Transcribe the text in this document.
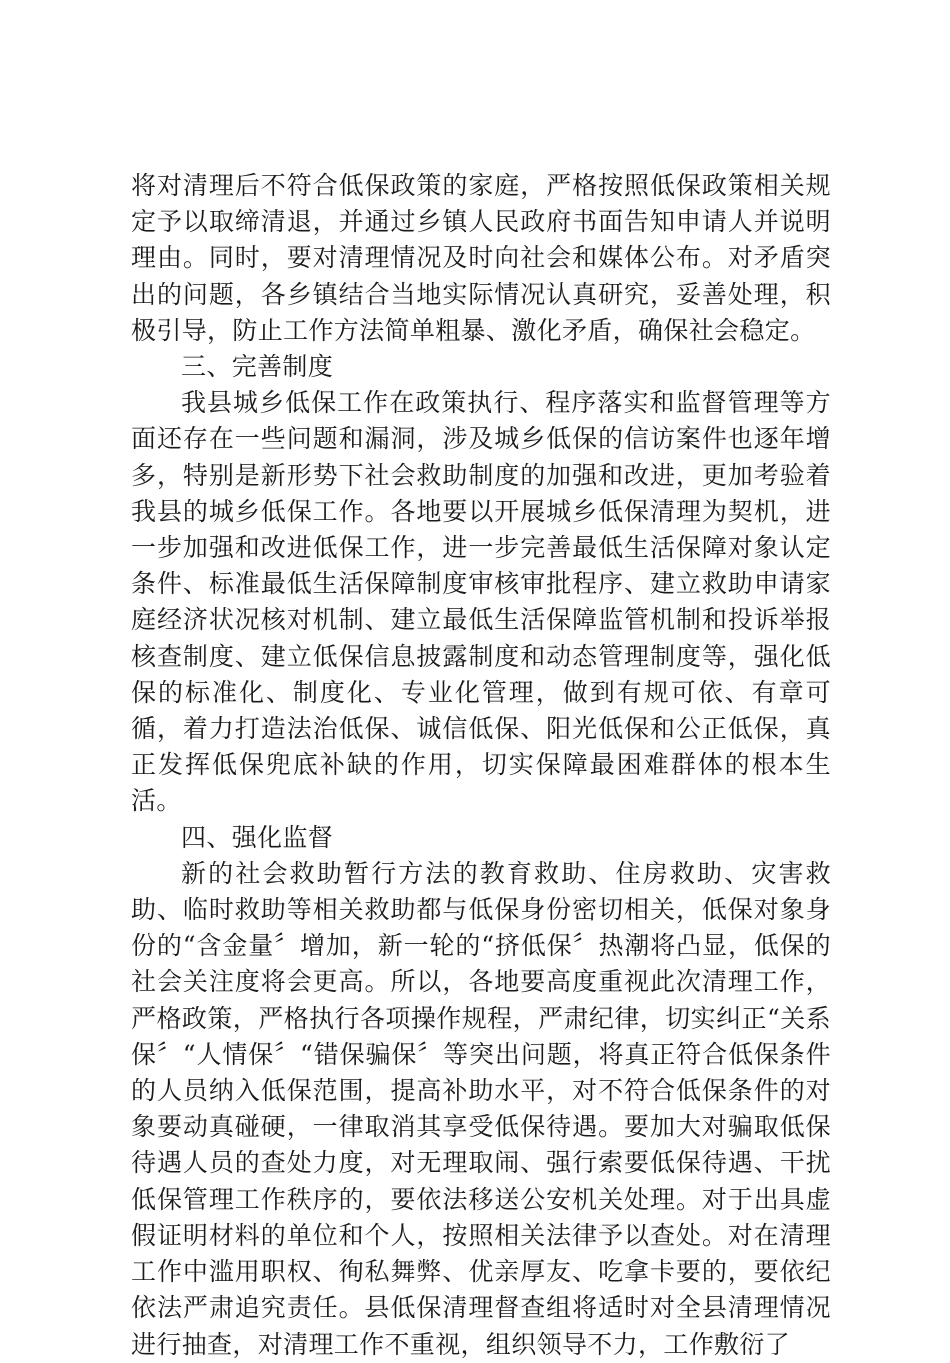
将对清理后不符合低保政策的家庭，严格按照低保政策相关规定予以取缔清退，并通过乡镇人民政府书面告知申请人并说明理由。同时，要对清理情况及时向社会和媒体公布。对矛盾突出的问题，各乡镇结合当地实际情况认真研究，妥善处理，积极引导，防止工作方法简单粗暴、激化矛盾，确保社会稳定。

三、完善制度

我县城乡低保工作在政策执行、程序落实和监督管理等方面还存在一些问题和漏洞，涉及城乡低保的信访案件也逐年增多，特别是新形势下社会救助制度的加强和改进，更加考验着我县的城乡低保工作。各地要以开展城乡低保清理为契机，进一步加强和改进低保工作，进一步完善最低生活保障对象认定条件、标准最低生活保障制度审核审批程序、建立救助申请家庭经济状况核对机制、建立最低生活保障监管机制和投诉举报核查制度、建立低保信息披露制度和动态管理制度等，强化低保的标准化、制度化、专业化管理，做到有规可依、有章可循，着力打造法治低保、诚信低保、阳光低保和公正低保，真正发挥低保兜底补缺的作用，切实保障最困难群体的根本生活。

四、强化监督

新的社会救助暂行方法的教育救助、住房救助、灾害救助、临时救助等相关救助都与低保身份密切相关，低保对象身份的“含金量〞增加，新一轮的“挤低保〞热潮将凸显，低保的社会关注度将会更高。所以，各地要高度重视此次清理工作，严格政策，严格执行各项操作规程，严肃纪律，切实纠正“关系保〞“人情保〞“错保骗保〞等突出问题，将真正符合低保条件的人员纳入低保范围，提高补助水平，对不符合低保条件的对象要动真碰硬，一律取消其享受低保待遇。要加大对骗取低保待遇人员的查处力度，对无理取闹、强行索要低保待遇、干扰低保管理工作秩序的，要依法移送公安机关处理。对于出具虚假证明材料的单位和个人，按照相关法律予以查处。对在清理工作中滥用职权、徇私舞弊、优亲厚友、吃拿卡要的，要依纪依法严肃追究责任。县低保清理督查组将适时对全县清理情况进行抽查，对清理工作不重视，组织领导不力，工作敷衍了
